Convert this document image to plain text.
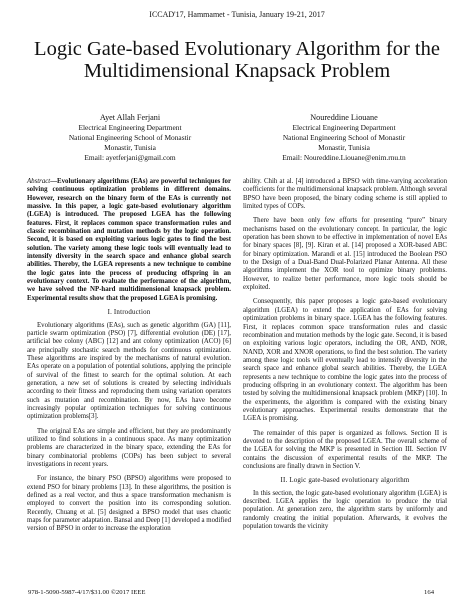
ICCAD'17, Hammamet - Tunisia, January 19-21, 2017
Logic Gate-based Evolutionary Algorithm for the
Multidimensional Knapsack Problem
Ayet Allah Ferjani
Electrical Engineering Department
National Engineering School of Monastir
Monastir, Tunisia
Email: ayetferjani@gmail.com
Noureddine Liouane
Electrical Engineering Department
National Engineering School of Monastir
Monastir, Tunisia
Email: Noureddine.Liouane@enim.rnu.tn
Abstract—Evolutionary algorithms (EAs) are powerful techniques for solving continuous optimization problems in different domains. However, research on the binary form of the EAs is currently not massive. In this paper, a logic gate-based evolutionary algorithm (LGEA) is introduced. The proposed LGEA has the following features. First, it replaces common space transformation rules and classic recombination and mutation methods by the logic operation. Second, it is based on exploiting various logic gates to find the best solution. The variety among these logic tools will eventually lead to intensify diversity in the search space and enhance global search abilities. Thereby, the LGEA represents a new technique to combine the logic gates into the process of producing offspring in an evolutionary context. To evaluate the performance of the algorithm, we have solved the NP-hard multidimensional knapsack problem. Experimental results show that the proposed LGEA is promising.
I. Introduction

Evolutionary algorithms (EAs), such as genetic algorithm (GA) [11], particle swarm optimization (PSO) [7], differential evolution (DE) [17], artificial bee colony (ABC) [12] and ant colony optimization (ACO) [6] are principally stochastic search methods for continuous optimization. These algorithms are inspired by the mechanisms of natural evolution. EAs operate on a population of potential solutions, applying the principle of survival of the fittest to search for the optimal solution. At each generation, a new set of solutions is created by selecting individuals according to their fitness and reproducing them using variation operators such as mutation and recombination. By now, EAs have become increasingly popular optimization techniques for solving continuous optimization problems[3].

The original EAs are simple and efficient, but they are predominantly utilized to find solutions in a continuous space. As many optimization problems are characterized in the binary space, extending the EAs for binary combinatorial problems (COPs) has been subject to several investigations in recent years.

For instance, the binary PSO (BPSO) algorithms were proposed to extend PSO for binary problems [13]. In these algorithms, the position is defined as a real vector, and thus a space transformation mechanism is employed to convert the position into its corresponding solution. Recently, Chuang et al. [5] designed a BPSO model that uses chaotic maps for parameter adaptation. Bansal and Deep [1] developed a modified version of BPSO in order to increase the exploration

ability. Chih at al. [4] introduced a BPSO with time-varying acceleration coefficients for the multidimensional knapsack problem. Although several BPSO have been proposed, the binary coding scheme is still applied to limited types of COPs.

There have been only few efforts for presenting “pure” binary mechanisms based on the evolutionary concept. In particular, the logic operation has been shown to be effective in implementation of novel EAs for binary spaces [8], [9]. Kiran et al. [14] proposed a XOR-based ABC for binary optimization. Marandi et al. [15] introduced the Boolean PSO to the Design of a Dual-Band Dual-Polarized Planar Antenna. All these algorithms implement the XOR tool to optimize binary problems. However, to realize better performance, more logic tools should be exploited.

Consequently, this paper proposes a logic gate-based evolutionary algorithm (LGEA) to extend the application of EAs for solving optimization problems in binary space. LGEA has the following features. First, it replaces common space transformation rules and classic recombination and mutation methods by the logic gate. Second, it is based on exploiting various logic operators, including the OR, AND, NOR, NAND, XOR and XNOR operations, to find the best solution. The variety among these logic tools will eventually lead to intensify diversity in the search space and enhance global search abilities. Thereby, the LGEA represents a new technique to combine the logic gates into the process of producing offspring in an evolutionary context. The algorithm has been tested by solving the multidimensional knapsack problem (MKP) [10]. In the experiments, the algorithm is compared with the existing binary evolutionary approaches. Experimental results demonstrate that the LGEA is promising.

The remainder of this paper is organized as follows. Section II is devoted to the description of the proposed LGEA. The overall scheme of the LGEA for solving the MKP is presented in Section III. Section IV contains the discussion of experimental results of the MKP. The conclusions are finally drawn in Section V.

II. Logic gate-based evolutionary algorithm

In this section, the logic gate-based evolutionary algorithm (LGEA) is described. LGEA applies the logic operation to produce the trial population. At generation zero, the algorithm starts by uniformly and randomly creating the initial population. Afterwards, it evolves the population towards the vicinity

978-1-5090-5987-4/17/$31.00 ©2017 IEEE	164
